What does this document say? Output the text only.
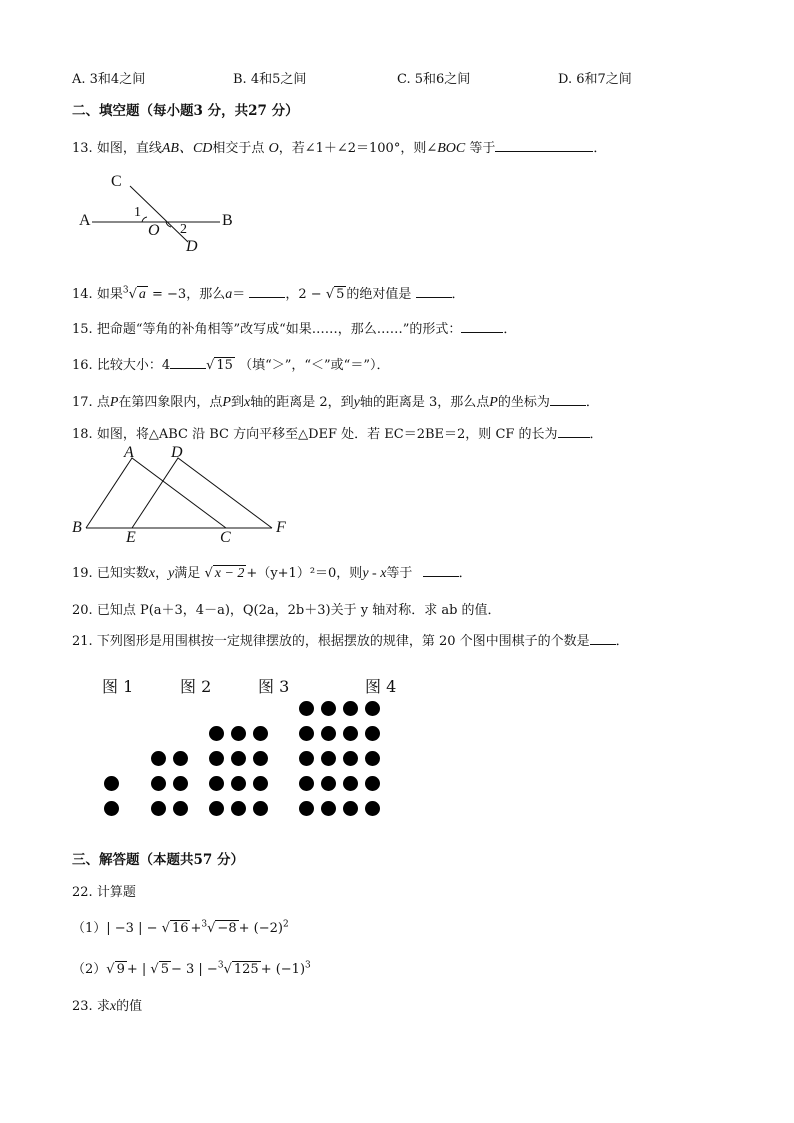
A. 3和4之间	B. 4和5之间	C. 5和6之间	D. 6和7之间
二、填空题（每小题3 分，共27 分）
13. 如图，直线AB、CD相交于点 O，若∠1＋∠2＝100°，则∠BOC 等于	．
C
A	B
1
O 2
D
14. 如果$^3$√ a = −3，那么a＝	，2 − √ 5 的绝对值是	．
15. 把命题“等角的补角相等”改写成“如果……，那么……”的形式：	．
16. 比较大小：4	√ 15 （填“＞”，“＜”或“＝”）．
17. 点P在第四象限内，点P到x轴的距离是 2，到y轴的距离是 3，那么点P的坐标为	．
18. 如图，将△ABC 沿 BC 方向平移至△DEF 处．若 EC＝2BE＝2，则 CF 的长为 ．
A D
B
E	C
F
19. 已知实数x，y满足 √ x − 2 +（y+1）²＝0，则y - x等于	．
20. 已知点 P(a＋3，4－a)，Q(2a，2b＋3)关于 y 轴对称．求 ab 的值．
21. 下列图形是用围棋按一定规律摆放的，根据摆放的规律，第 20 个图中围棋子的个数是 ．
图 1	图 2	图 3	图 4
三、解答题（本题共57 分）
22. 计算题
（1）| −3 | − √ $16 +^3√ -8 + (-2)^2$
（2）√ 9 + | √ 5 − 3 | −$^3$√ $125 + (-1)^3$
23. 求x的值
